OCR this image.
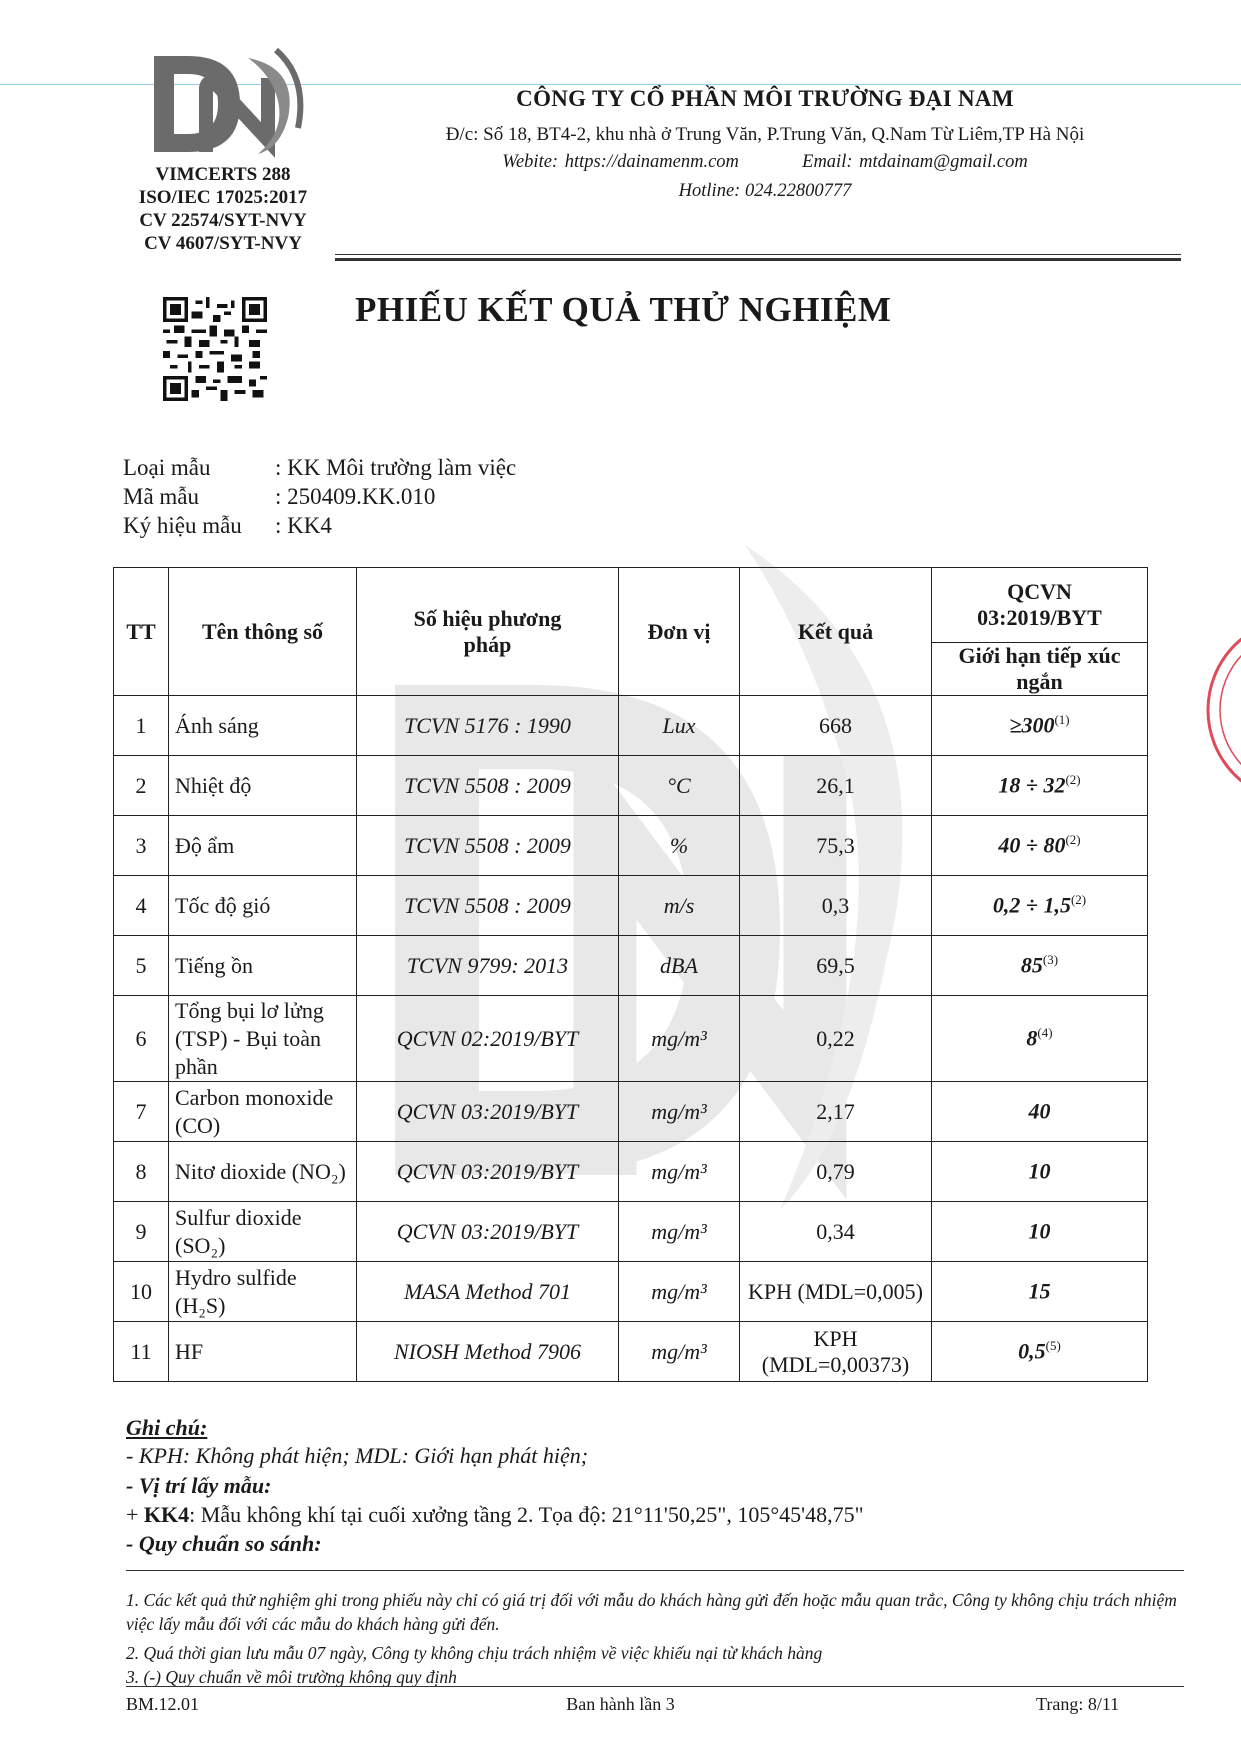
VIMCERTS 288
ISO/IEC 17025:2017
CV 22574/SYT-NVY
CV 4607/SYT-NVY
CÔNG TY CỔ PHẦN MÔI TRƯỜNG ĐẠI NAM
Đ/c: Số 18, BT4-2, khu nhà ở Trung Văn, P.Trung Văn, Q.Nam Từ Liêm,TP Hà Nội
Webite: https://dainamenm.com	Email: mtdainam@gmail.com
Hotline: 024.22800777
PHIẾU KẾT QUẢ THỬ NGHIỆM
Loại mẫu	: KK Môi trường làm việc
Mã mẫu	: 250409.KK.010
Ký hiệu mẫu : KK4
TT	Tên thông số	Số hiệu phương pháp	Đơn vị	Kết quả	QCVN 03:2019/BYT
					Giới hạn tiếp xúc ngắn
1	Ánh sáng	TCVN 5176 : 1990	Lux	668	$\ge 300^{(1)}$
2	Nhiệt độ	TCVN 5508 : 2009	°C	26,1	$18 \div 32^{(2)}$
3	Độ ẩm	TCVN 5508 : 2009	%	75,3	$40 \div 80^{(2)}$
4	Tốc độ gió	TCVN 5508 : 2009	m/s	0,3	$0,2 \div 1,5^{(2)}$
5	Tiếng ồn	TCVN 9799: 2013	dBA	69,5	85$^{(3)}$
6	Tổng bụi lơ lửng (TSP) - Bụi toàn phần	QCVN 02:2019/BYT	mg/m³	0,22	8$^{(4)}$
7	Carbon monoxide (CO)	QCVN 03:2019/BYT	mg/m³	2,17	40
8	Nitơ dioxide (NO₂)	QCVN 03:2019/BYT	mg/m³	0,79	10
9	Sulfur dioxide (SO₂)	QCVN 03:2019/BYT	mg/m³	0,34	10
10	Hydro sulfide (H₂S)	MASA Method 701	mg/m³	KPH (MDL=0,005)	15
11	HF	NIOSH Method 7906	mg/m³	KPH (MDL=0,00373)	0,5$^{(5)}$
Ghi chú:
- KPH: Không phát hiện; MDL: Giới hạn phát hiện;
- Vị trí lấy mẫu:
+ KK4: Mẫu không khí tại cuối xưởng tầng 2. Tọa độ: 21°11'50,25", 105°45'48,75"
- Quy chuẩn so sánh:
1. Các kết quả thử nghiệm ghi trong phiếu này chỉ có giá trị đối với mẫu do khách hàng gửi đến hoặc mẫu quan trắc, Công ty không chịu trách nhiệm việc lấy mẫu đối với các mẫu do khách hàng gửi đến.
2. Quá thời gian lưu mẫu 07 ngày, Công ty không chịu trách nhiệm về việc khiếu nại từ khách hàng
3. (-) Quy chuẩn về môi trường không quy định
BM.12.01	Ban hành lần 3	Trang: 8/11
